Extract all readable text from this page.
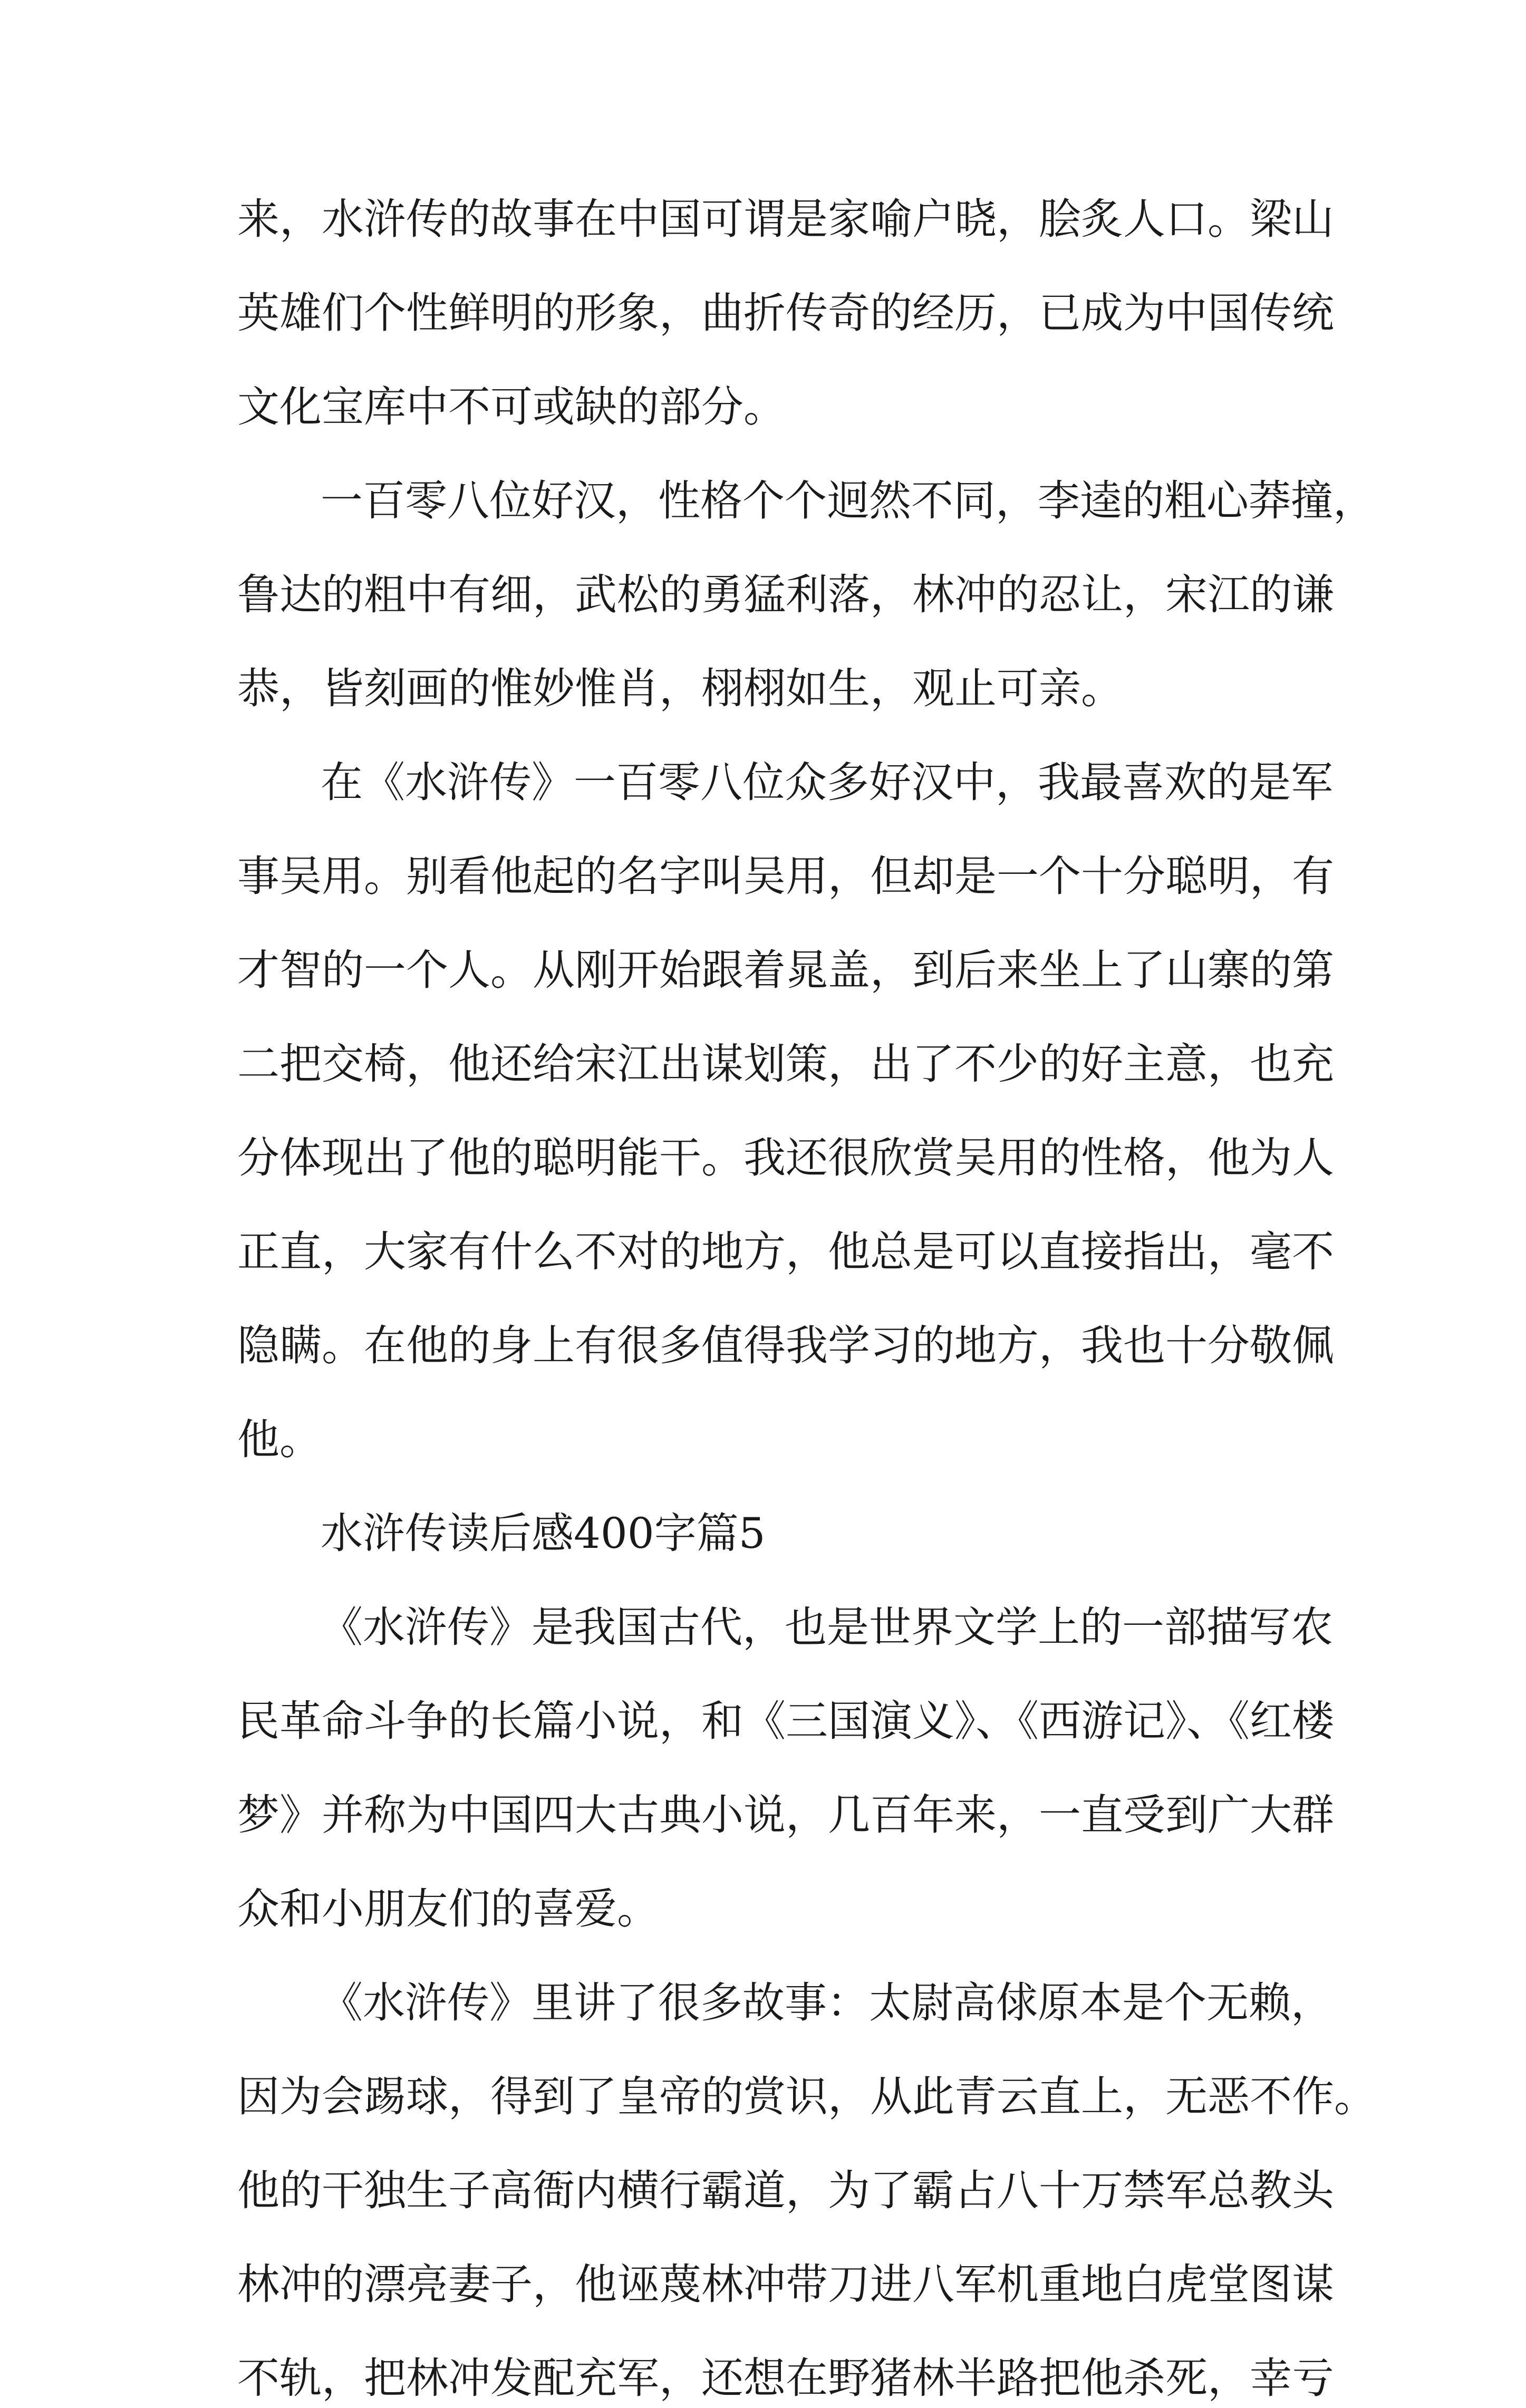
来，水浒传的故事在中国可谓是家喻户晓，脍炙人口。梁山
英雄们个性鲜明的形象，曲折传奇的经历，已成为中国传统
文化宝库中不可或缺的部分。
一百零八位好汉，性格个个迥然不同，李逵的粗心莽撞，
鲁达的粗中有细，武松的勇猛利落，林冲的忍让，宋江的谦
恭，皆刻画的惟妙惟肖，栩栩如生，观止可亲。
在《水浒传》一百零八位众多好汉中，我最喜欢的是军
事吴用。别看他起的名字叫吴用，但却是一个十分聪明，有
才智的一个人。从刚开始跟着晁盖，到后来坐上了山寨的第
二把交椅，他还给宋江出谋划策，出了不少的好主意，也充
分体现出了他的聪明能干。我还很欣赏吴用的性格，他为人
正直，大家有什么不对的地方，他总是可以直接指出，毫不
隐瞒。在他的身上有很多值得我学习的地方，我也十分敬佩
他。
水浒传读后感400字篇5
《水浒传》是我国古代，也是世界文学上的一部描写农
民革命斗争的长篇小说，和《三国演义》、《西游记》、《红楼
梦》并称为中国四大古典小说，几百年来，一直受到广大群
众和小朋友们的喜爱。
《水浒传》里讲了很多故事：太尉高俅原本是个无赖，
因为会踢球，得到了皇帝的赏识，从此青云直上，无恶不作。
他的干独生子高衙内横行霸道，为了霸占八十万禁军总教头
林冲的漂亮妻子，他诬蔑林冲带刀进八军机重地白虎堂图谋
不轨，把林冲发配充军，还想在野猪林半路把他杀死，幸亏
